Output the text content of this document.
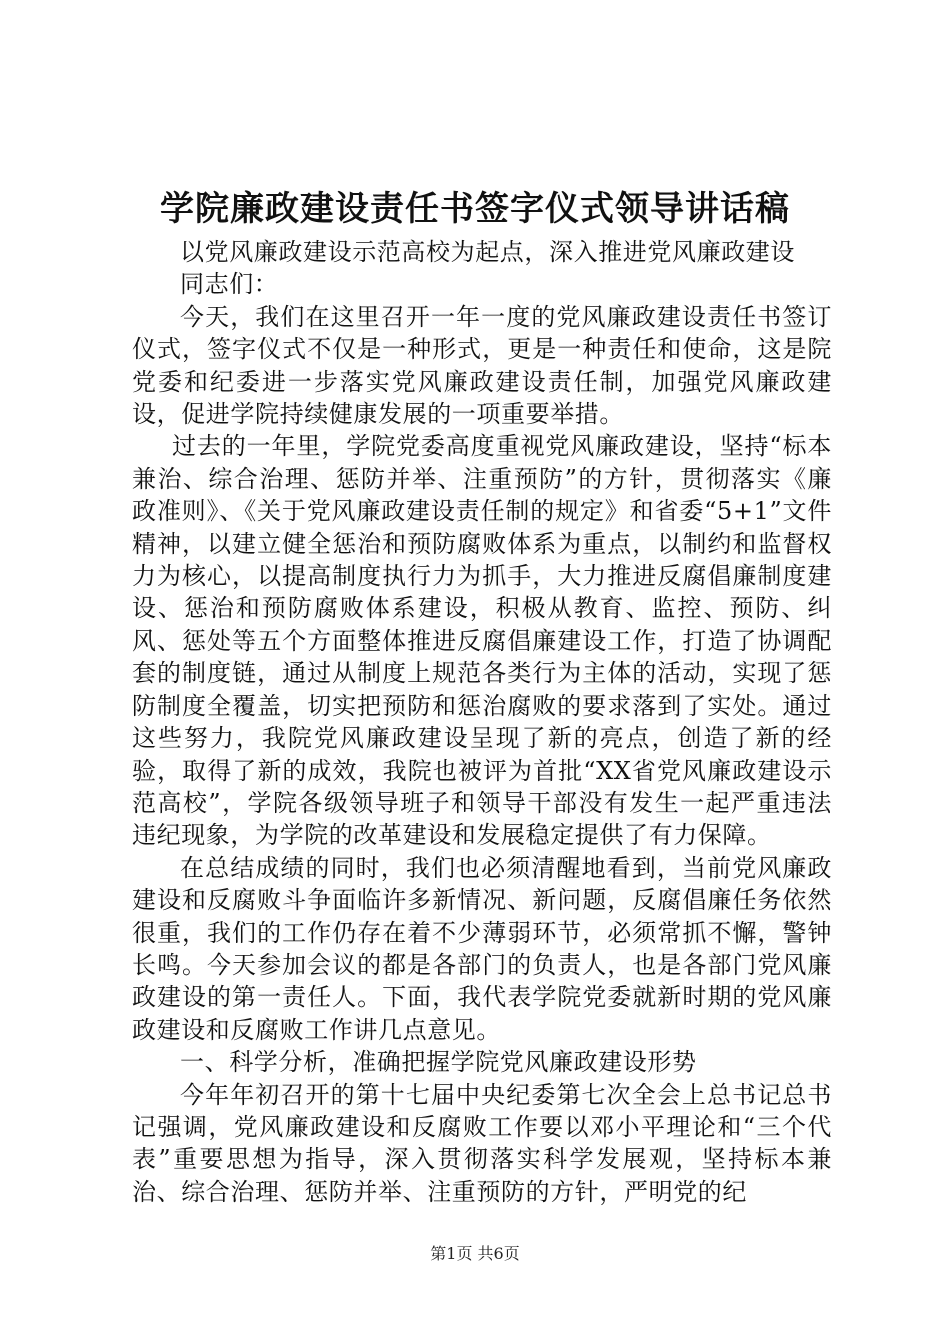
学院廉政建设责任书签字仪式领导讲话稿

以党风廉政建设示范高校为起点，深入推进党风廉政建设

同志们：

今天，我们在这里召开一年一度的党风廉政建设责任书签订仪式，签字仪式不仅是一种形式，更是一种责任和使命，这是院党委和纪委进一步落实党风廉政建设责任制，加强党风廉政建设，促进学院持续健康发展的一项重要举措。

过去的一年里，学院党委高度重视党风廉政建设，坚持“标本兼治、综合治理、惩防并举、注重预防”的方针，贯彻落实《廉政准则》、《关于党风廉政建设责任制的规定》和省委“5+1”文件精神，以建立健全惩治和预防腐败体系为重点，以制约和监督权力为核心，以提高制度执行力为抓手，大力推进反腐倡廉制度建设、惩治和预防腐败体系建设，积极从教育、监控、预防、纠风、惩处等五个方面整体推进反腐倡廉建设工作，打造了协调配套的制度链，通过从制度上规范各类行为主体的活动，实现了惩防制度全覆盖，切实把预防和惩治腐败的要求落到了实处。通过这些努力，我院党风廉政建设呈现了新的亮点，创造了新的经验，取得了新的成效，我院也被评为首批“XX省党风廉政建设示范高校”，学院各级领导班子和领导干部没有发生一起严重违法违纪现象，为学院的改革建设和发展稳定提供了有力保障。

在总结成绩的同时，我们也必须清醒地看到，当前党风廉政建设和反腐败斗争面临许多新情况、新问题，反腐倡廉任务依然很重，我们的工作仍存在着不少薄弱环节，必须常抓不懈，警钟长鸣。今天参加会议的都是各部门的负责人，也是各部门党风廉政建设的第一责任人。下面，我代表学院党委就新时期的党风廉政建设和反腐败工作讲几点意见。

一、科学分析，准确把握学院党风廉政建设形势

今年年初召开的第十七届中央纪委第七次全会上总书记总书记强调，党风廉政建设和反腐败工作要以邓小平理论和“三个代表”重要思想为指导，深入贯彻落实科学发展观，坚持标本兼治、综合治理、惩防并举、注重预防的方针，严明党的纪

第1页 共6页
